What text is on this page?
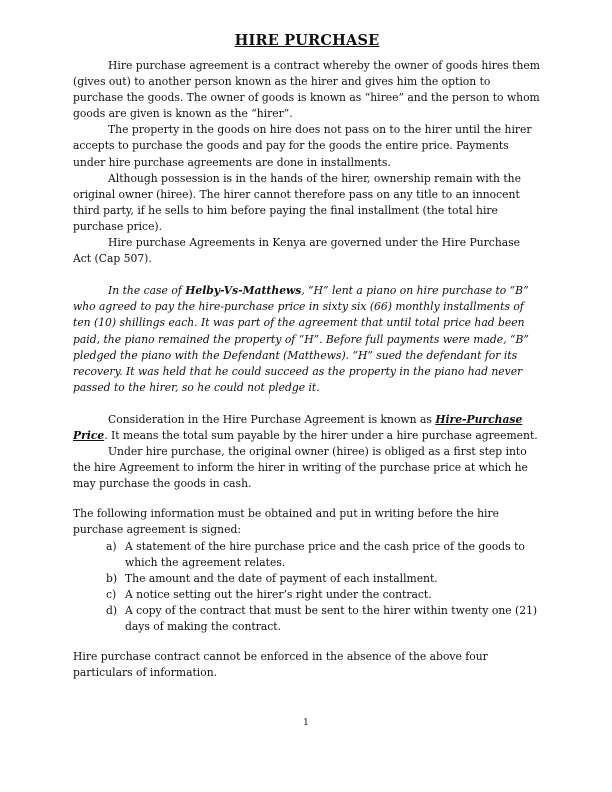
HIRE PURCHASE

Hire purchase agreement is a contract whereby the owner of goods hires them (gives out) to another person known as the hirer and gives him the option to purchase the goods. The owner of goods is known as “hiree” and the person to whom goods are given is known as the “hirer”.

The property in the goods on hire does not pass on to the hirer until the hirer accepts to purchase the goods and pay for the goods the entire price. Payments under hire purchase agreements are done in installments.

Although possession is in the hands of the hirer, ownership remain with the original owner (hiree). The hirer cannot therefore pass on any title to an innocent third party, if he sells to him before paying the final installment (the total hire purchase price).

Hire purchase Agreements in Kenya are governed under the Hire Purchase Act (Cap 507).

In the case of Helby-Vs-Matthews, “H” lent a piano on hire purchase to “B” who agreed to pay the hire-purchase price in sixty six (66) monthly installments of ten (10) shillings each. It was part of the agreement that until total price had been paid, the piano remained the property of “H”. Before full payments were made, “B” pledged the piano with the Defendant (Matthews). “H” sued the defendant for its recovery. It was held that he could succeed as the property in the piano had never passed to the hirer, so he could not pledge it.

Consideration in the Hire Purchase Agreement is known as Hire-Purchase Price. It means the total sum payable by the hirer under a hire purchase agreement.

Under hire purchase, the original owner (hiree) is obliged as a first step into the hire Agreement to inform the hirer in writing of the purchase price at which he may purchase the goods in cash.

The following information must be obtained and put in writing before the hire purchase agreement is signed:

a) A statement of the hire purchase price and the cash price of the goods to which the agreement relates.
b) The amount and the date of payment of each installment.
c) A notice setting out the hirer’s right under the contract.
d) A copy of the contract that must be sent to the hirer within twenty one (21) days of making the contract.

Hire purchase contract cannot be enforced in the absence of the above four particulars of information.

1
